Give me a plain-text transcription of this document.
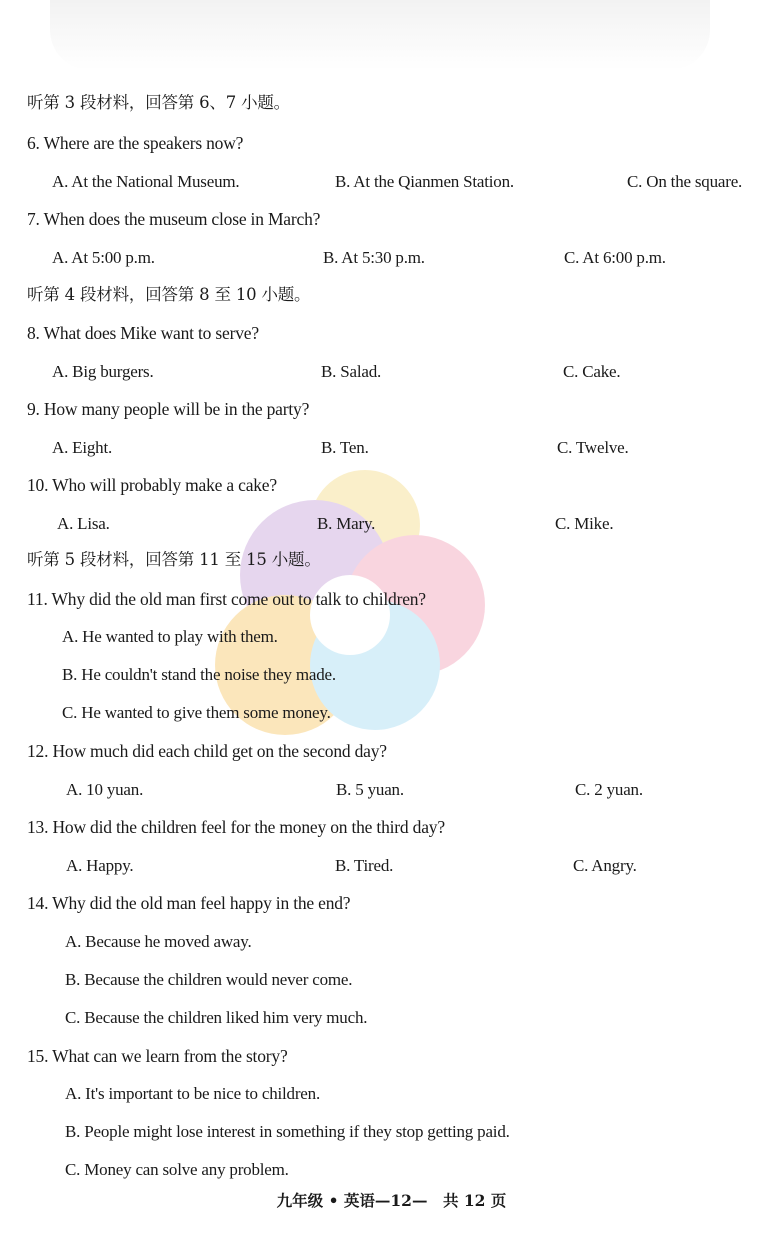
听第 3 段材料，回答第 6、7 小题。
6. Where are the speakers now?
A. At the National Museum.	B. At the Qianmen Station.	C. On the square.
7. When does the museum close in March?
A. At 5:00 p.m.	B. At 5:30 p.m.	C. At 6:00 p.m.
听第 4 段材料，回答第 8 至 10 小题。
8. What does Mike want to serve?
A. Big burgers.	B. Salad.	C. Cake.
9. How many people will be in the party?
A. Eight.	B. Ten.	C. Twelve.
10. Who will probably make a cake?
A. Lisa.	B. Mary.	C. Mike.
听第 5 段材料，回答第 11 至 15 小题。
11. Why did the old man first come out to talk to children?
A. He wanted to play with them.
B. He couldn't stand the noise they made.
C. He wanted to give them some money.
12. How much did each child get on the second day?
A. 10 yuan.	B. 5 yuan.	C. 2 yuan.
13. How did the children feel for the money on the third day?
A. Happy.	B. Tired.	C. Angry.
14. Why did the old man feel happy in the end?
A. Because he moved away.
B. Because the children would never come.
C. Because the children liked him very much.
15. What can we learn from the story?
A. It's important to be nice to children.
B. People might lose interest in something if they stop getting paid.
C. Money can solve any problem.
九年级 • 英语—12—　共 12 页
